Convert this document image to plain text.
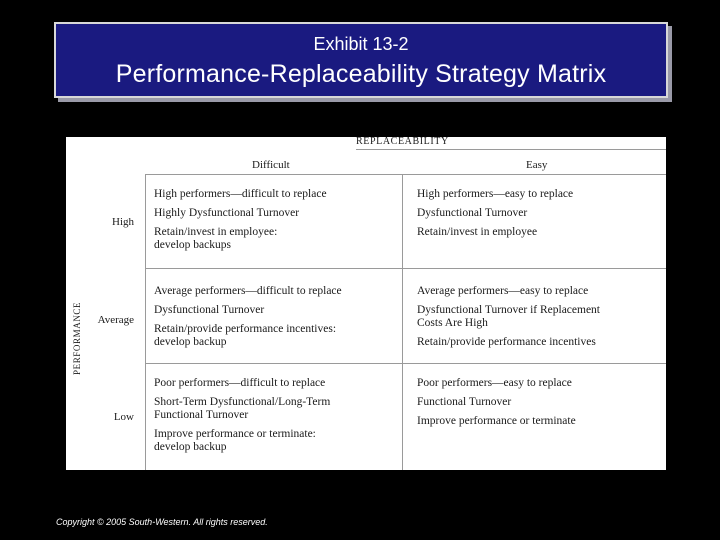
Exhibit 13-2
Performance-Replaceability Strategy Matrix
REPLACEABILITY
Difficult	Easy
PERFORMANCE
High
Average
Low
High performers—difficult to replace
Highly Dysfunctional Turnover
Retain/invest in employee:
develop backups
High performers—easy to replace
Dysfunctional Turnover
Retain/invest in employee
Average performers—difficult to replace
Dysfunctional Turnover
Retain/provide performance incentives:
develop backup
Average performers—easy to replace
Dysfunctional Turnover if Replacement
Costs Are High
Retain/provide performance incentives
Poor performers—difficult to replace
Short-Term Dysfunctional/Long-Term
Functional Turnover
Improve performance or terminate:
develop backup
Poor performers—easy to replace
Functional Turnover
Improve performance or terminate
Copyright © 2005 South-Western. All rights reserved.
